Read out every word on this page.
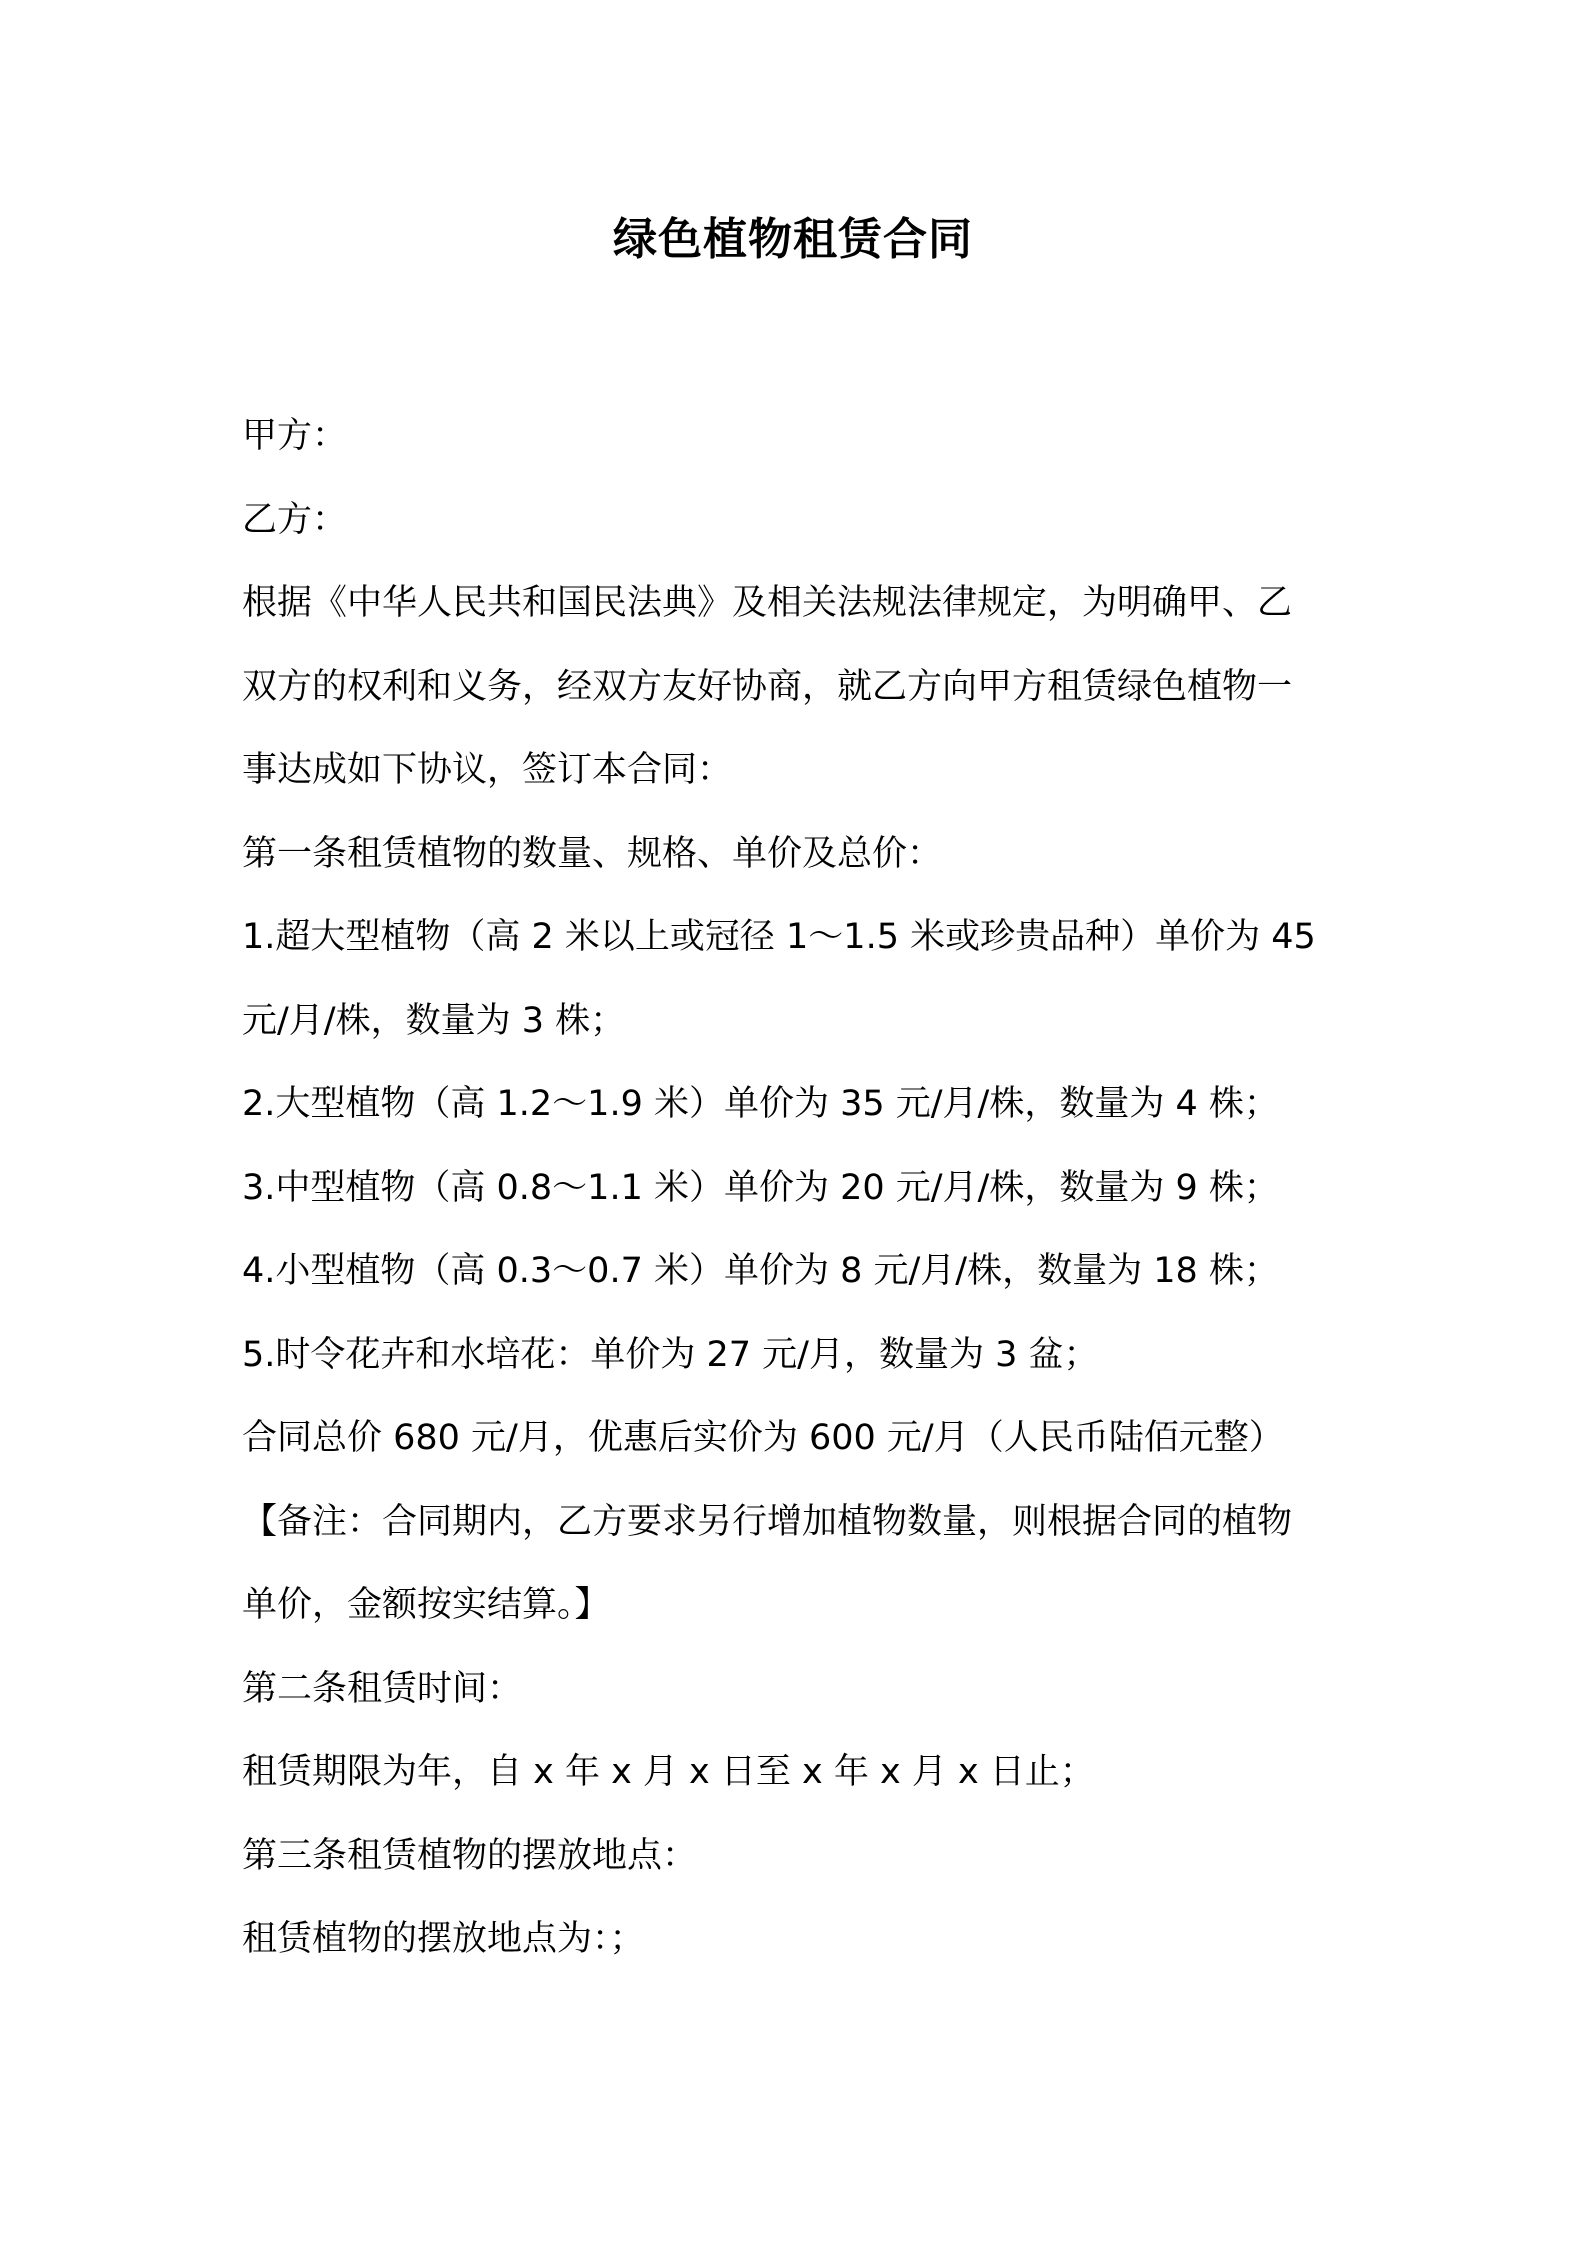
绿色植物租赁合同
甲方：
乙方：
根据《中华人民共和国民法典》及相关法规法律规定，为明确甲、乙
双方的权利和义务，经双方友好协商，就乙方向甲方租赁绿色植物一
事达成如下协议，签订本合同：
第一条租赁植物的数量、规格、单价及总价：
1.超大型植物（高 2 米以上或冠径 1～1.5 米或珍贵品种）单价为 45
元/月/株，数量为 3 株；
2.大型植物（高 1.2～1.9 米）单价为 35 元/月/株，数量为 4 株；
3.中型植物（高 0.8～1.1 米）单价为 20 元/月/株，数量为 9 株；
4.小型植物（高 0.3～0.7 米）单价为 8 元/月/株，数量为 18 株；
5.时令花卉和水培花：单价为 27 元/月，数量为 3 盆；
合同总价 680 元/月，优惠后实价为 600 元/月（人民币陆佰元整）
【备注：合同期内，乙方要求另行增加植物数量，则根据合同的植物
单价，金额按实结算。】
第二条租赁时间：
租赁期限为年，自 x 年 x 月 x 日至 x 年 x 月 x 日止；
第三条租赁植物的摆放地点：
租赁植物的摆放地点为：；
